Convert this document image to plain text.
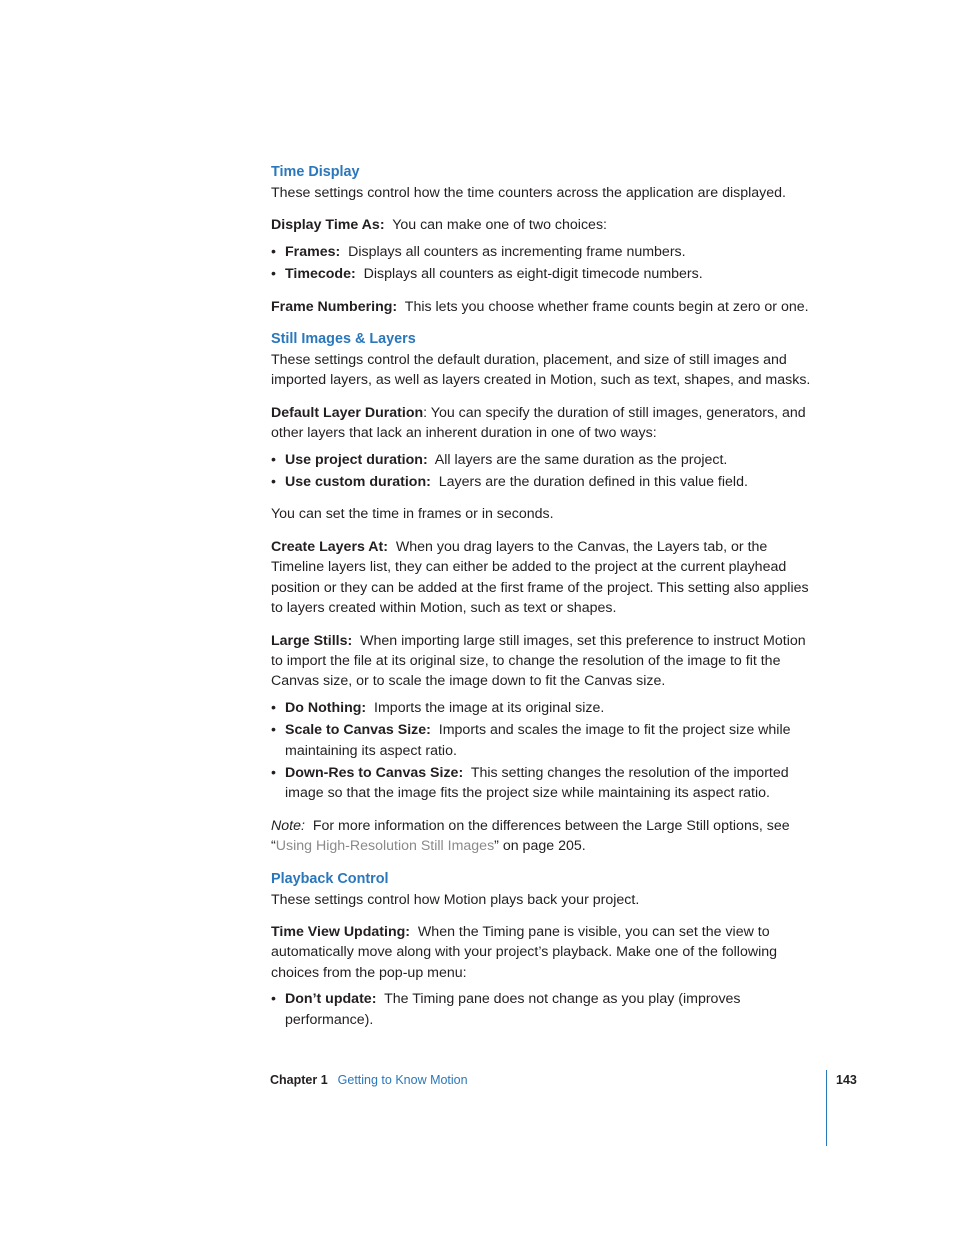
Time Display

These settings control how the time counters across the application are displayed.

Display Time As: You can make one of two choices:

• Frames: Displays all counters as incrementing frame numbers.
• Timecode: Displays all counters as eight-digit timecode numbers.

Frame Numbering: This lets you choose whether frame counts begin at zero or one.

Still Images & Layers

These settings control the default duration, placement, and size of still images and imported layers, as well as layers created in Motion, such as text, shapes, and masks.

Default Layer Duration: You can specify the duration of still images, generators, and other layers that lack an inherent duration in one of two ways:

• Use project duration: All layers are the same duration as the project.
• Use custom duration: Layers are the duration defined in this value field.

You can set the time in frames or in seconds.

Create Layers At: When you drag layers to the Canvas, the Layers tab, or the Timeline layers list, they can either be added to the project at the current playhead position or they can be added at the first frame of the project. This setting also applies to layers created within Motion, such as text or shapes.

Large Stills: When importing large still images, set this preference to instruct Motion to import the file at its original size, to change the resolution of the image to fit the Canvas size, or to scale the image down to fit the Canvas size.

• Do Nothing: Imports the image at its original size.
• Scale to Canvas Size: Imports and scales the image to fit the project size while maintaining its aspect ratio.
• Down-Res to Canvas Size: This setting changes the resolution of the imported image so that the image fits the project size while maintaining its aspect ratio.

Note: For more information on the differences between the Large Still options, see “Using High-Resolution Still Images” on page 205.

Playback Control

These settings control how Motion plays back your project.

Time View Updating: When the Timing pane is visible, you can set the view to automatically move along with your project’s playback. Make one of the following choices from the pop-up menu:

• Don’t update: The Timing pane does not change as you play (improves performance).
Chapter 1 Getting to Know Motion	143
